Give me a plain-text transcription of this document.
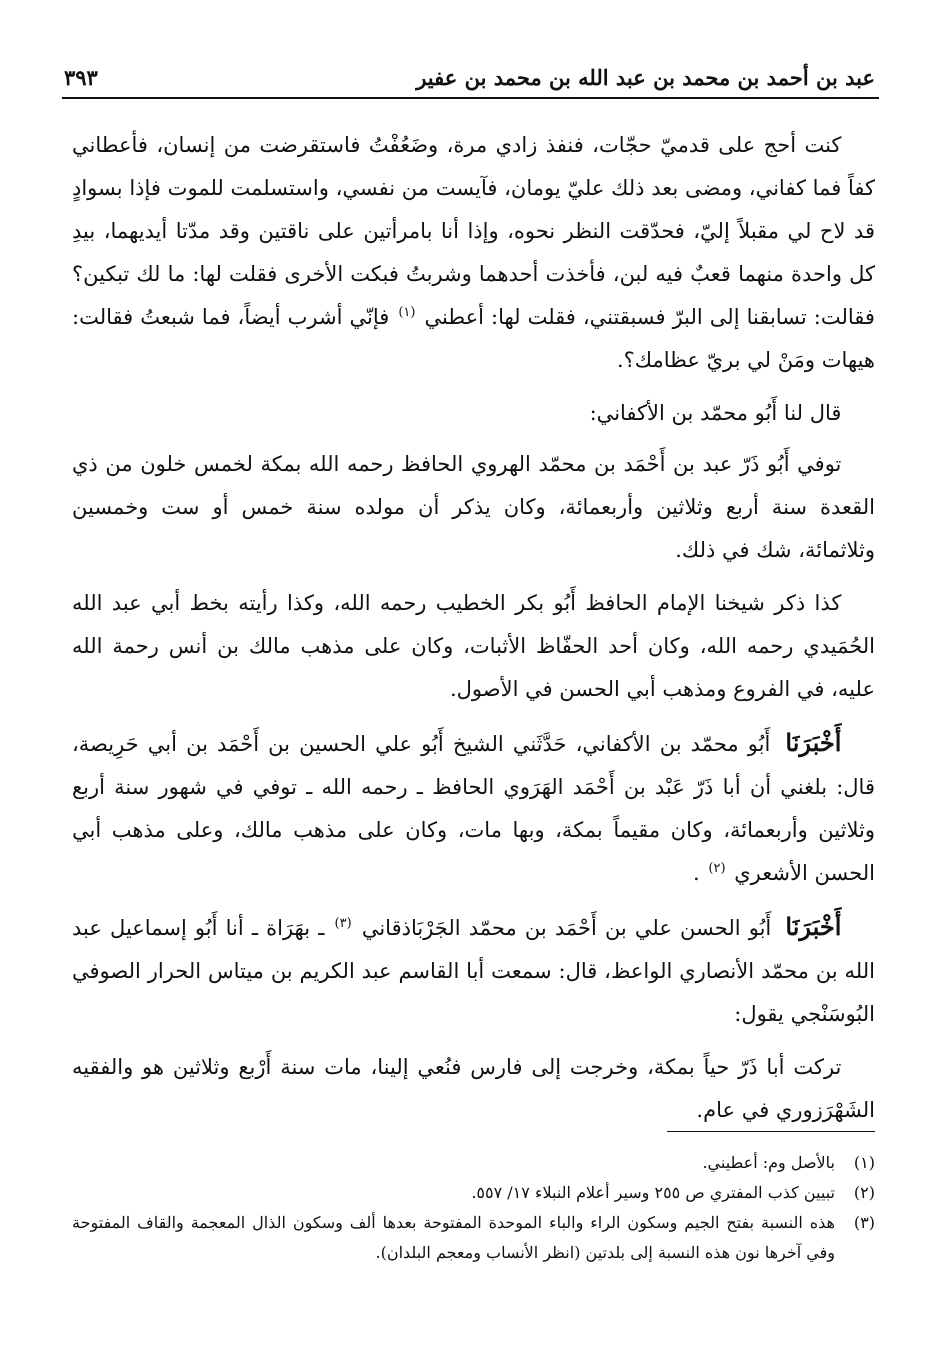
عبد بن أحمد بن محمد بن عبد الله بن محمد بن عفير
٣٩٣

كنت أحج على قدميّ حجّات، فنفذ زادي مرة، وضَعُفْتُ فاستقرضت من إنسان، فأعطاني كفاً فما كفاني، ومضى بعد ذلك عليّ يومان، فآيست من نفسي، واستسلمت للموت فإذا بسوادٍ قد لاح لي مقبلاً إليّ، فحدّقت النظر نحوه، وإذا أنا بامرأتين على ناقتين وقد مدّتا أيديهما، بيدِ كل واحدة منهما قعبٌ فيه لبن، فأخذت أحدهما وشربتُ فبكت الأخرى فقلت لها: ما لك تبكين؟ فقالت: تسابقنا إلى البرّ فسبقتني، فقلت لها: أعطني $^{(١)}$ فإنّي أشرب أيضاً، فما شبعتُ فقالت: هيهات ومَنْ لي بريّ عظامك؟.

قال لنا أَبُو محمّد بن الأكفاني:

توفي أَبُو ذَرّ عبد بن أَحْمَد بن محمّد الهروي الحافظ رحمه الله بمكة لخمس خلون من ذي القعدة سنة أربع وثلاثين وأربعمائة، وكان يذكر أن مولده سنة خمس أو ست وخمسين وثلاثمائة، شك في ذلك.

كذا ذكر شيخنا الإمام الحافظ أَبُو بكر الخطيب رحمه الله، وكذا رأيته بخط أبي عبد الله الحُمَيدي رحمه الله، وكان أحد الحفّاظ الأثبات، وكان على مذهب مالك بن أنس رحمة الله عليه، في الفروع ومذهب أبي الحسن في الأصول.

أَخْبَرَنَا أَبُو محمّد بن الأكفاني، حَدَّثَني الشيخ أَبُو علي الحسين بن أَحْمَد بن أبي حَرِيصة، قال: بلغني أن أبا ذَرّ عَبْد بن أَحْمَد الهَرَوي الحافظ ـ رحمه الله ـ توفي في شهور سنة أربع وثلاثين وأربعمائة، وكان مقيماً بمكة، وبها مات، وكان على مذهب مالك، وعلى مذهب أبي الحسن الأشعري $^{(٢)}$ .

أَخْبَرَنَا أَبُو الحسن علي بن أَحْمَد بن محمّد الجَرْبَاذقاني $^{(٣)}$ ـ بهَرَاة ـ أنا أَبُو إسماعيل عبد الله بن محمّد الأنصاري الواعظ، قال: سمعت أبا القاسم عبد الكريم بن ميتاس الحرار الصوفي البُوسَنْجي يقول:

تركت أبا ذَرّ حياً بمكة، وخرجت إلى فارس فنُعي إلينا، مات سنة أَرْبع وثلاثين هو والفقيه الشَهْرَزوري في عام.

(١)
بالأصل وم: أعطيني.
(٢)
تبيين كذب المفتري ص ٢٥٥ وسير أعلام النبلاء ١٧/ ٥٥٧.
(٣)
هذه النسبة بفتح الجيم وسكون الراء والباء الموحدة المفتوحة بعدها ألف وسكون الذال المعجمة والقاف المفتوحة وفي آخرها نون هذه النسبة إلى بلدتين (انظر الأنساب ومعجم البلدان).
